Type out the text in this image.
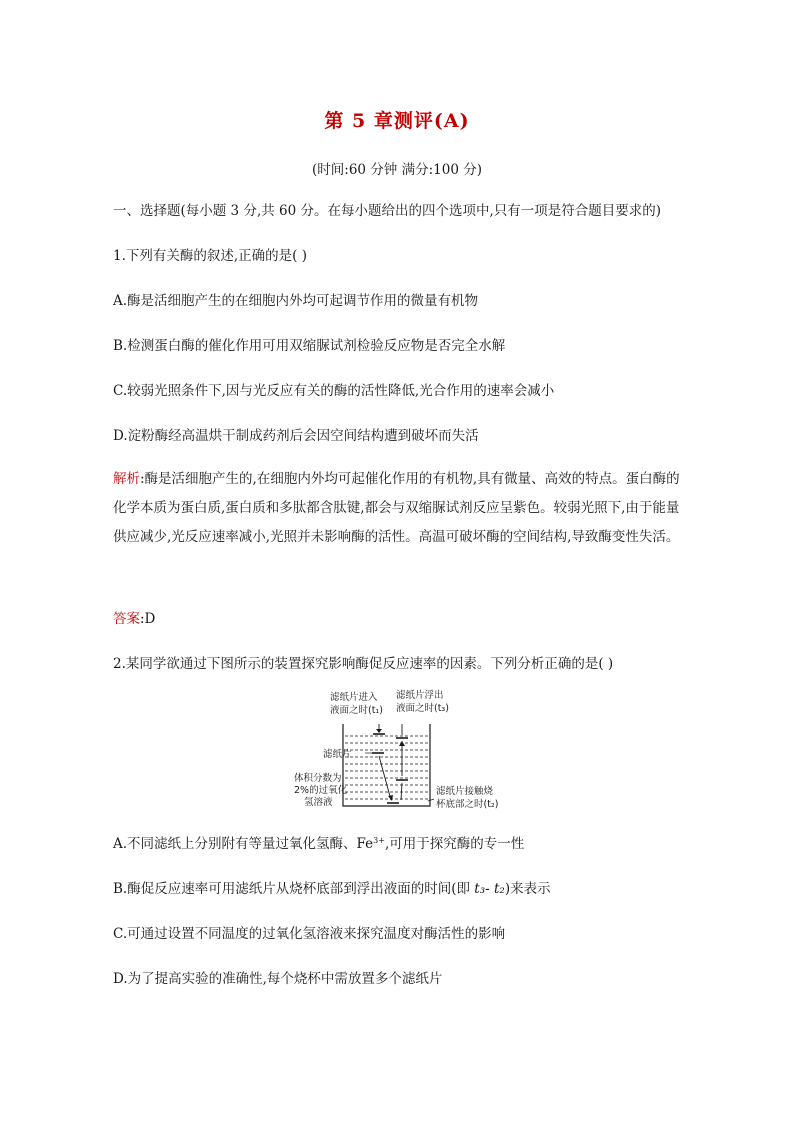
第 5 章测评(A)
(时间:60 分钟 满分:100 分)
一、选择题(每小题 3 分,共 60 分。在每小题给出的四个选项中,只有一项是符合题目要求的)
1.下列有关酶的叙述,正确的是( )
A.酶是活细胞产生的在细胞内外均可起调节作用的微量有机物
B.检测蛋白酶的催化作用可用双缩脲试剂检验反应物是否完全水解
C.较弱光照条件下,因与光反应有关的酶的活性降低,光合作用的速率会减小
D.淀粉酶经高温烘干制成药剂后会因空间结构遭到破坏而失活
解析:酶是活细胞产生的,在细胞内外均可起催化作用的有机物,具有微量、高效的特点。蛋白酶的化学本质为蛋白质,蛋白质和多肽都含肽键,都会与双缩脲试剂反应呈紫色。较弱光照下,由于能量供应减少,光反应速率减小,光照并未影响酶的活性。高温可破坏酶的空间结构,导致酶变性失活。
答案:D
2.某同学欲通过下图所示的装置探究影响酶促反应速率的因素。下列分析正确的是( )
滤纸片进入
液面之时(t₁)
滤纸片浮出
液面之时(t₃)
滤纸片
体积分数为
2%的过氧化
氢溶液
滤纸片接触烧
杯底部之时(t₂)
A.不同滤纸上分别附有等量过氧化氢酶、$Fe^{3+}$,可用于探究酶的专一性
B.酶促反应速率可用滤纸片从烧杯底部到浮出液面的时间(即 t₃- t₂)来表示
C.可通过设置不同温度的过氧化氢溶液来探究温度对酶活性的影响
D.为了提高实验的准确性,每个烧杯中需放置多个滤纸片
